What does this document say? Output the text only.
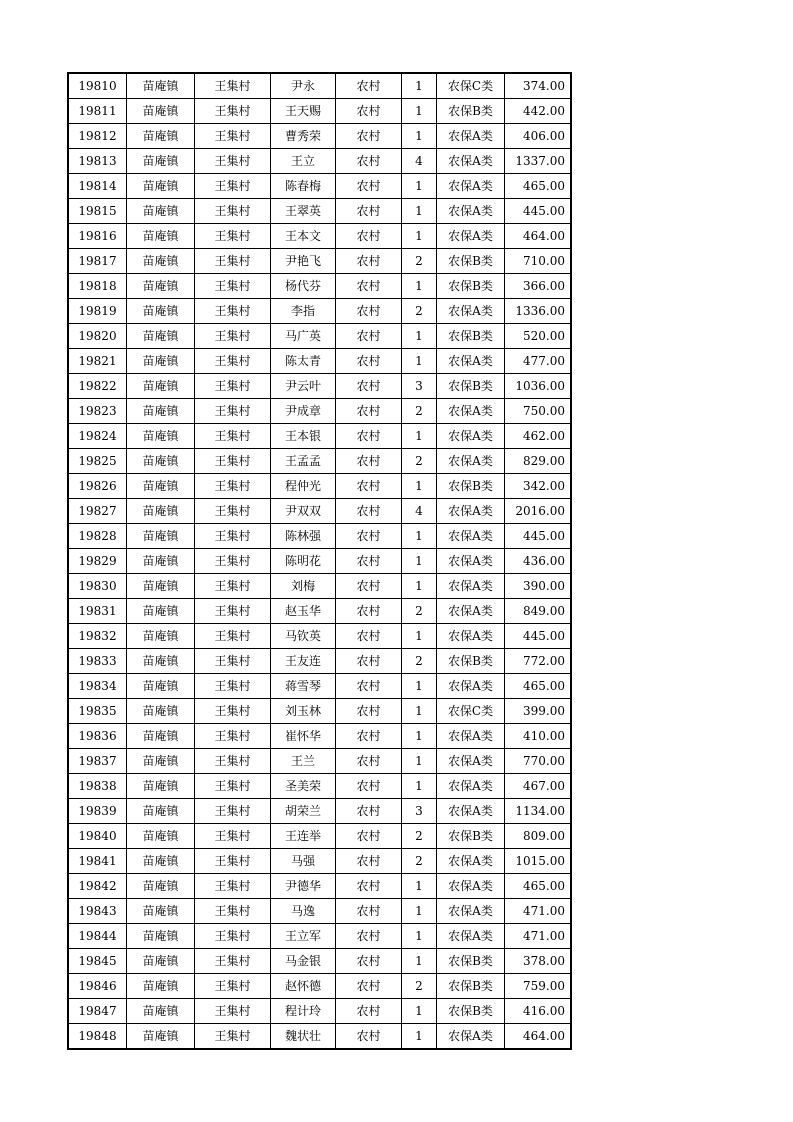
19810	苗庵镇	王集村	尹永	农村	1	农保C类	374.00
19811	苗庵镇	王集村	王天赐	农村	1	农保B类	442.00
19812	苗庵镇	王集村	曹秀荣	农村	1	农保A类	406.00
19813	苗庵镇	王集村	王立	农村	4	农保A类	1337.00
19814	苗庵镇	王集村	陈春梅	农村	1	农保A类	465.00
19815	苗庵镇	王集村	王翠英	农村	1	农保A类	445.00
19816	苗庵镇	王集村	王本文	农村	1	农保A类	464.00
19817	苗庵镇	王集村	尹艳飞	农村	2	农保B类	710.00
19818	苗庵镇	王集村	杨代芬	农村	1	农保B类	366.00
19819	苗庵镇	王集村	李指	农村	2	农保A类	1336.00
19820	苗庵镇	王集村	马广英	农村	1	农保B类	520.00
19821	苗庵镇	王集村	陈太青	农村	1	农保A类	477.00
19822	苗庵镇	王集村	尹云叶	农村	3	农保B类	1036.00
19823	苗庵镇	王集村	尹成章	农村	2	农保A类	750.00
19824	苗庵镇	王集村	王本银	农村	1	农保A类	462.00
19825	苗庵镇	王集村	王孟孟	农村	2	农保A类	829.00
19826	苗庵镇	王集村	程仲光	农村	1	农保B类	342.00
19827	苗庵镇	王集村	尹双双	农村	4	农保A类	2016.00
19828	苗庵镇	王集村	陈林强	农村	1	农保A类	445.00
19829	苗庵镇	王集村	陈明花	农村	1	农保A类	436.00
19830	苗庵镇	王集村	刘梅	农村	1	农保A类	390.00
19831	苗庵镇	王集村	赵玉华	农村	2	农保A类	849.00
19832	苗庵镇	王集村	马钦英	农村	1	农保A类	445.00
19833	苗庵镇	王集村	王友连	农村	2	农保B类	772.00
19834	苗庵镇	王集村	蒋雪琴	农村	1	农保A类	465.00
19835	苗庵镇	王集村	刘玉林	农村	1	农保C类	399.00
19836	苗庵镇	王集村	崔怀华	农村	1	农保A类	410.00
19837	苗庵镇	王集村	王兰	农村	1	农保A类	770.00
19838	苗庵镇	王集村	圣美荣	农村	1	农保A类	467.00
19839	苗庵镇	王集村	胡荣兰	农村	3	农保A类	1134.00
19840	苗庵镇	王集村	王连举	农村	2	农保B类	809.00
19841	苗庵镇	王集村	马强	农村	2	农保A类	1015.00
19842	苗庵镇	王集村	尹德华	农村	1	农保A类	465.00
19843	苗庵镇	王集村	马逸	农村	1	农保A类	471.00
19844	苗庵镇	王集村	王立军	农村	1	农保A类	471.00
19845	苗庵镇	王集村	马金银	农村	1	农保B类	378.00
19846	苗庵镇	王集村	赵怀德	农村	2	农保B类	759.00
19847	苗庵镇	王集村	程计玲	农村	1	农保B类	416.00
19848	苗庵镇	王集村	魏状壮	农村	1	农保A类	464.00
